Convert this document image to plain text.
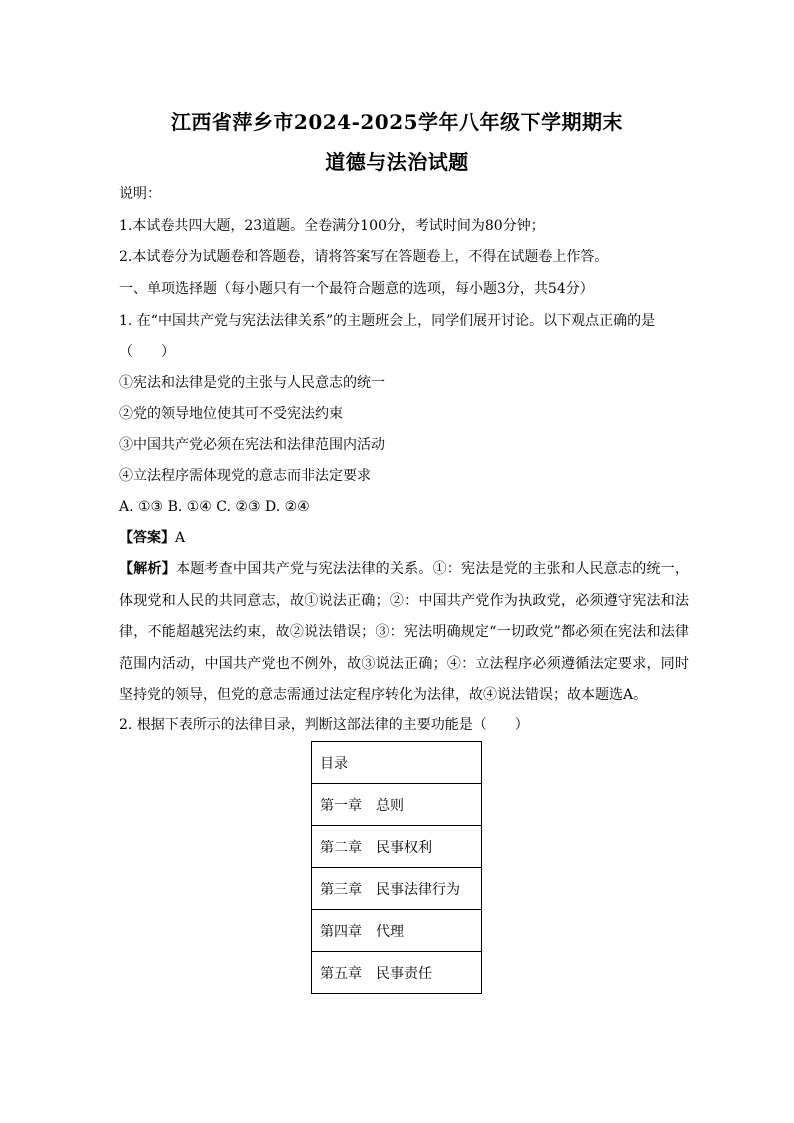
江西省萍乡市2024-2025学年八年级下学期期末
道德与法治试题
说明：
1.本试卷共四大题，23道题。全卷满分100分，考试时间为80分钟；
2.本试卷分为试题卷和答题卷，请将答案写在答题卷上，不得在试题卷上作答。
一、单项选择题（每小题只有一个最符合题意的选项，每小题3分，共54分）
1. 在“中国共产党与宪法法律关系”的主题班会上，同学们展开讨论。以下观点正确的是
（　　）
①宪法和法律是党的主张与人民意志的统一
②党的领导地位使其可不受宪法约束
③中国共产党必须在宪法和法律范围内活动
④立法程序需体现党的意志而非法定要求
A. ①③ B. ①④ C. ②③ D. ②④
【答案】A
【解析】本题考查中国共产党与宪法法律的关系。①：宪法是党的主张和人民意志的统一，体现党和人民的共同意志，故①说法正确；②：中国共产党作为执政党，必须遵守宪法和法律，不能超越宪法约束，故②说法错误；③：宪法明确规定“一切政党”都必须在宪法和法律范围内活动，中国共产党也不例外，故③说法正确；④：立法程序必须遵循法定要求，同时坚持党的领导，但党的意志需通过法定程序转化为法律，故④说法错误；故本题选A。
2. 根据下表所示的法律目录，判断这部法律的主要功能是（　　）
目录
第一章　总则
第二章　民事权利
第三章　民事法律行为
第四章　代理
第五章　民事责任
